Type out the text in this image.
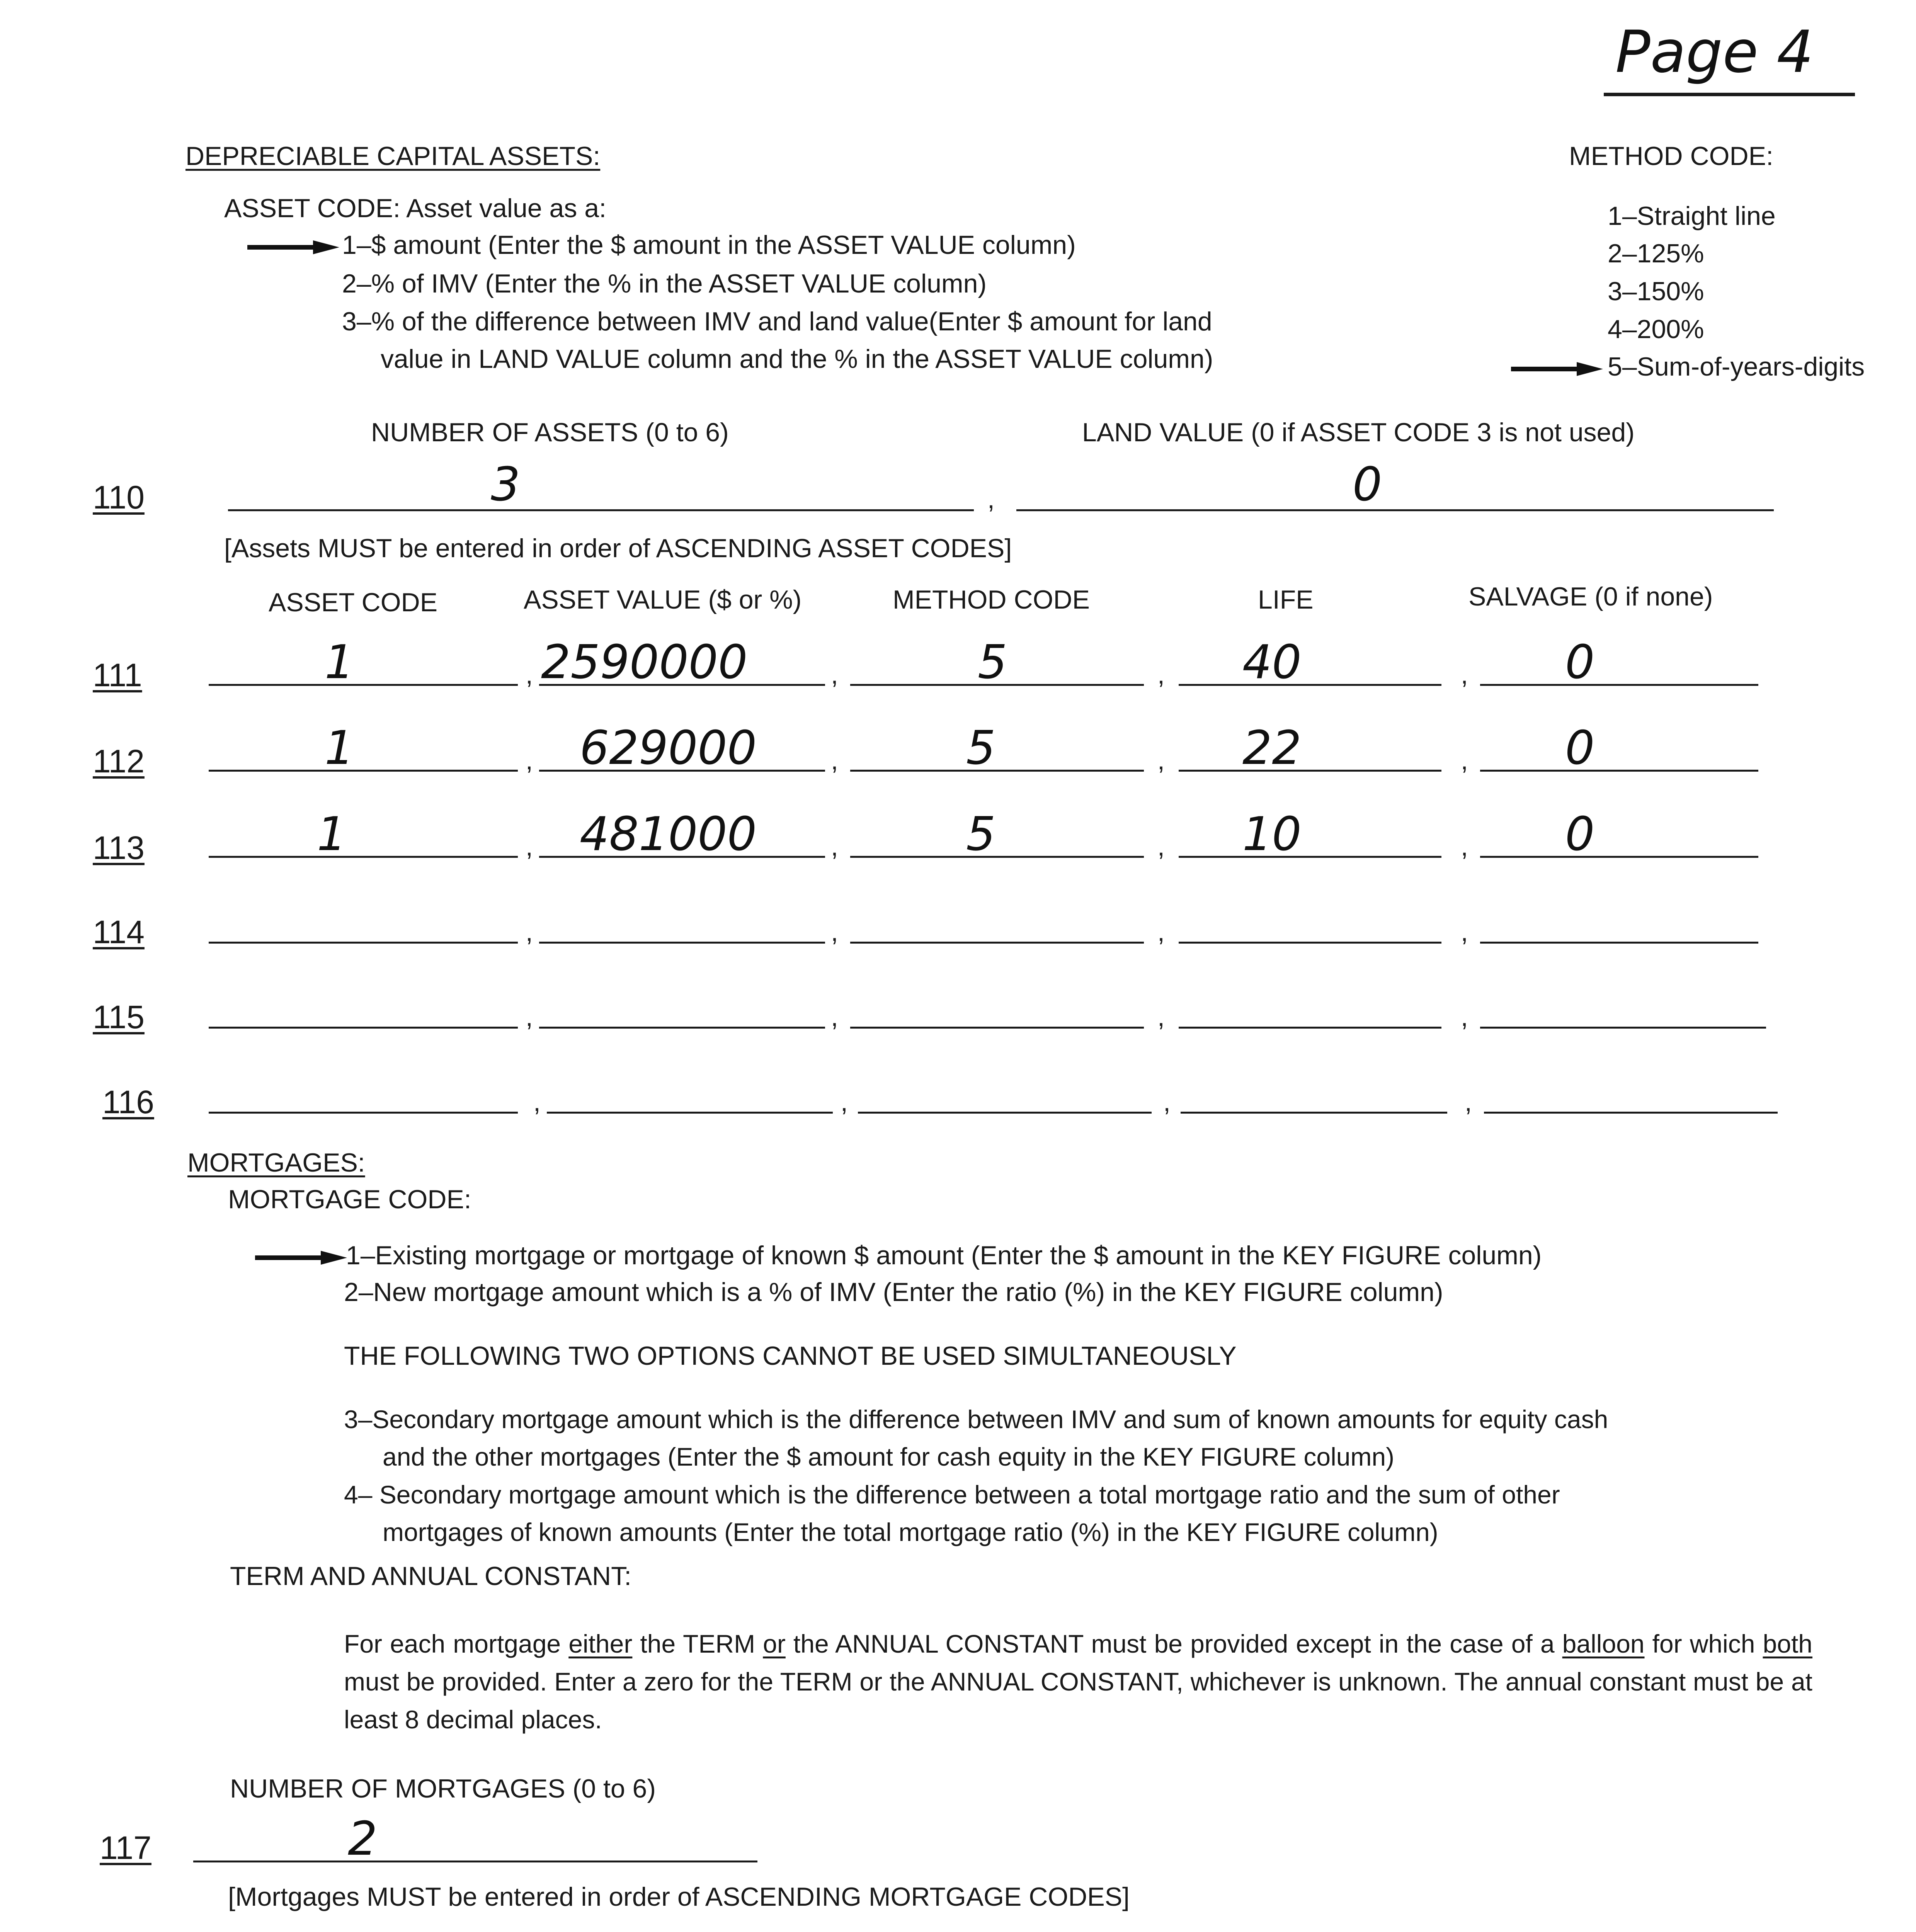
Page 4
DEPRECIABLE CAPITAL ASSETS:	METHOD CODE:
ASSET CODE: Asset value as a:
1–$ amount (Enter the $ amount in the ASSET VALUE column)
2–% of IMV (Enter the % in the ASSET VALUE column)
3–% of the difference between IMV and land value(Enter $ amount for land
value in LAND VALUE column and the % in the ASSET VALUE column)
1–Straight line
2–125%
3–150%
4–200%
5–Sum-of-years-digits
NUMBER OF ASSETS (0 to 6)	LAND VALUE (0 if ASSET CODE 3 is not used)
110	3	,	0
[Assets MUST be entered in order of ASCENDING ASSET CODES]
ASSET CODE	ASSET VALUE ($ or %)	METHOD CODE	LIFE	SALVAGE (0 if none)
111	1	, 2590000	,	5	, 40	, 0
112	1	, 629000	,	5	, 22	, 0
113	1	, 481000	,	5	, 10	, 0
114	,	,	,	,
115	,	,	,	,
116	,	,	,	,
MORTGAGES:
MORTGAGE CODE:
1–Existing mortgage or mortgage of known $ amount (Enter the $ amount in the KEY FIGURE column)
2–New mortgage amount which is a % of IMV (Enter the ratio (%) in the KEY FIGURE column)
THE FOLLOWING TWO OPTIONS CANNOT BE USED SIMULTANEOUSLY
3–Secondary mortgage amount which is the difference between IMV and sum of known amounts for equity cash
and the other mortgages (Enter the $ amount for cash equity in the KEY FIGURE column)
4– Secondary mortgage amount which is the difference between a total mortgage ratio and the sum of other
mortgages of known amounts (Enter the total mortgage ratio (%) in the KEY FIGURE column)
TERM AND ANNUAL CONSTANT:
For each mortgage either the TERM or the ANNUAL CONSTANT must be provided except in the case of a balloon for which both must be provided. Enter a zero for the TERM or the ANNUAL CONSTANT, whichever is unknown. The annual constant must be at least 8 decimal places.
NUMBER OF MORTGAGES (0 to 6)
117	2
[Mortgages MUST be entered in order of ASCENDING MORTGAGE CODES]
